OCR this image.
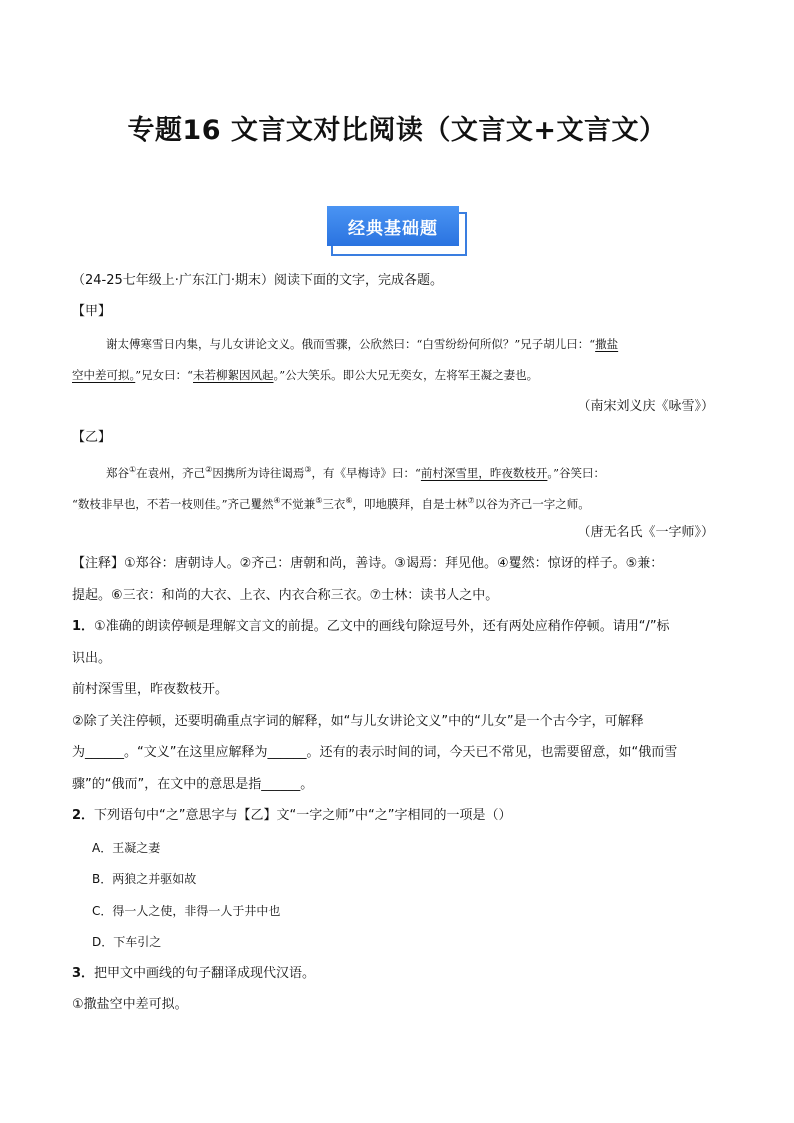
专题16 文言文对比阅读（文言文+文言文）
经典基础题
（24-25七年级上·广东江门·期末）阅读下面的文字，完成各题。
【甲】
谢太傅寒雪日内集，与儿女讲论文义。俄而雪骤，公欣然曰：“白雪纷纷何所似？”兄子胡儿曰：“撒盐
空中差可拟。”兄女曰：“未若柳絮因风起。”公大笑乐。即公大兄无奕女，左将军王凝之妻也。
（南宋刘义庆《咏雪》）
【乙】
郑谷①在袁州，齐己②因携所为诗往谒焉③，有《早梅诗》曰：“前村深雪里，昨夜数枝开。”谷笑曰：
“数枝非早也，不若一枝则佳。”齐己矍然④不觉兼⑤三衣⑥，叩地膜拜，自是士林⑦以谷为齐己一字之师。
（唐无名氏《一字师》）
【注释】①郑谷：唐朝诗人。②齐己：唐朝和尚，善诗。③谒焉：拜见他。④矍然：惊讶的样子。⑤兼：
提起。⑥三衣：和尚的大衣、上衣、内衣合称三衣。⑦士林：读书人之中。
1．①准确的朗读停顿是理解文言文的前提。乙文中的画线句除逗号外，还有两处应稍作停顿。请用“/”标
识出。
前村深雪里，昨夜数枝开。
②除了关注停顿，还要明确重点字词的解释，如“与儿女讲论文义”中的“儿女”是一个古今字，可解释
为______。“文义”在这里应解释为______。还有的表示时间的词，今天已不常见，也需要留意，如“俄而雪
骤”的“俄而”，在文中的意思是指______。
2．下列语句中“之”意思字与【乙】文“一字之师”中“之”字相同的一项是（）
A．王凝之妻
B．两狼之并驱如故
C．得一人之使，非得一人于井中也
D．下车引之
3．把甲文中画线的句子翻译成现代汉语。
①撒盐空中差可拟。
